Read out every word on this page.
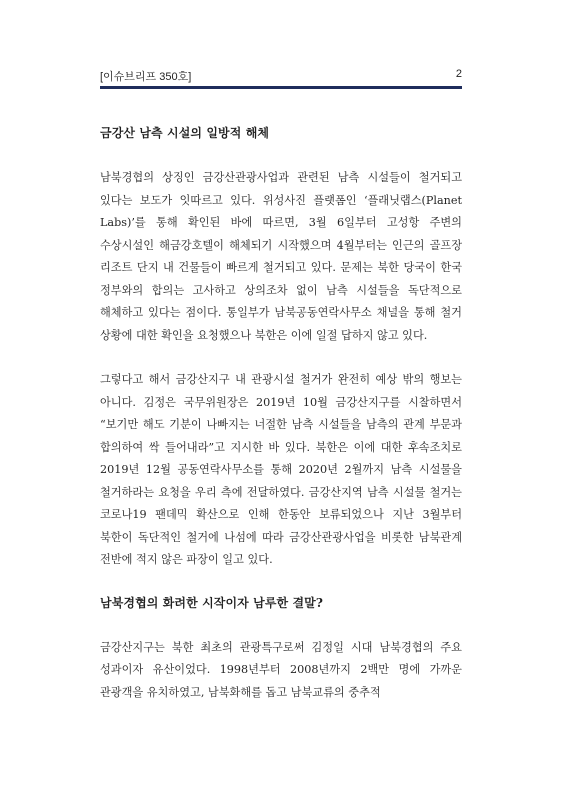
[이슈브리프 350호]	2
금강산 남측 시설의 일방적 해체

남북경협의 상징인 금강산관광사업과 관련된 남측 시설들이 철거되고 있다는 보도가 잇따르고 있다. 위성사진 플랫폼인 ‘플래닛랩스(Planet Labs)’를 통해 확인된 바에 따르면, 3월 6일부터 고성항 주변의 수상시설인 해금강호텔이 해체되기 시작했으며 4월부터는 인근의 골프장 리조트 단지 내 건물들이 빠르게 철거되고 있다. 문제는 북한 당국이 한국 정부와의 합의는 고사하고 상의조차 없이 남측 시설들을 독단적으로 해체하고 있다는 점이다. 통일부가 남북공동연락사무소 채널을 통해 철거 상황에 대한 확인을 요청했으나 북한은 이에 일절 답하지 않고 있다.

그렇다고 해서 금강산지구 내 관광시설 철거가 완전히 예상 밖의 행보는 아니다. 김정은 국무위원장은 2019년 10월 금강산지구를 시찰하면서 “보기만 해도 기분이 나빠지는 너절한 남측 시설들을 남측의 관계 부문과 합의하여 싹 들어내라”고 지시한 바 있다. 북한은 이에 대한 후속조치로 2019년 12월 공동연락사무소를 통해 2020년 2월까지 남측 시설물을 철거하라는 요청을 우리 측에 전달하였다. 금강산지역 남측 시설물 철거는 코로나19 팬데믹 확산으로 인해 한동안 보류되었으나 지난 3월부터 북한이 독단적인 철거에 나섬에 따라 금강산관광사업을 비롯한 남북관계 전반에 적지 않은 파장이 일고 있다.

남북경협의 화려한 시작이자 남루한 결말?

금강산지구는 북한 최초의 관광특구로써 김정일 시대 남북경협의 주요 성과이자 유산이었다. 1998년부터 2008년까지 2백만 명에 가까운 관광객을 유치하였고, 남북화해를 돕고 남북교류의 중추적
